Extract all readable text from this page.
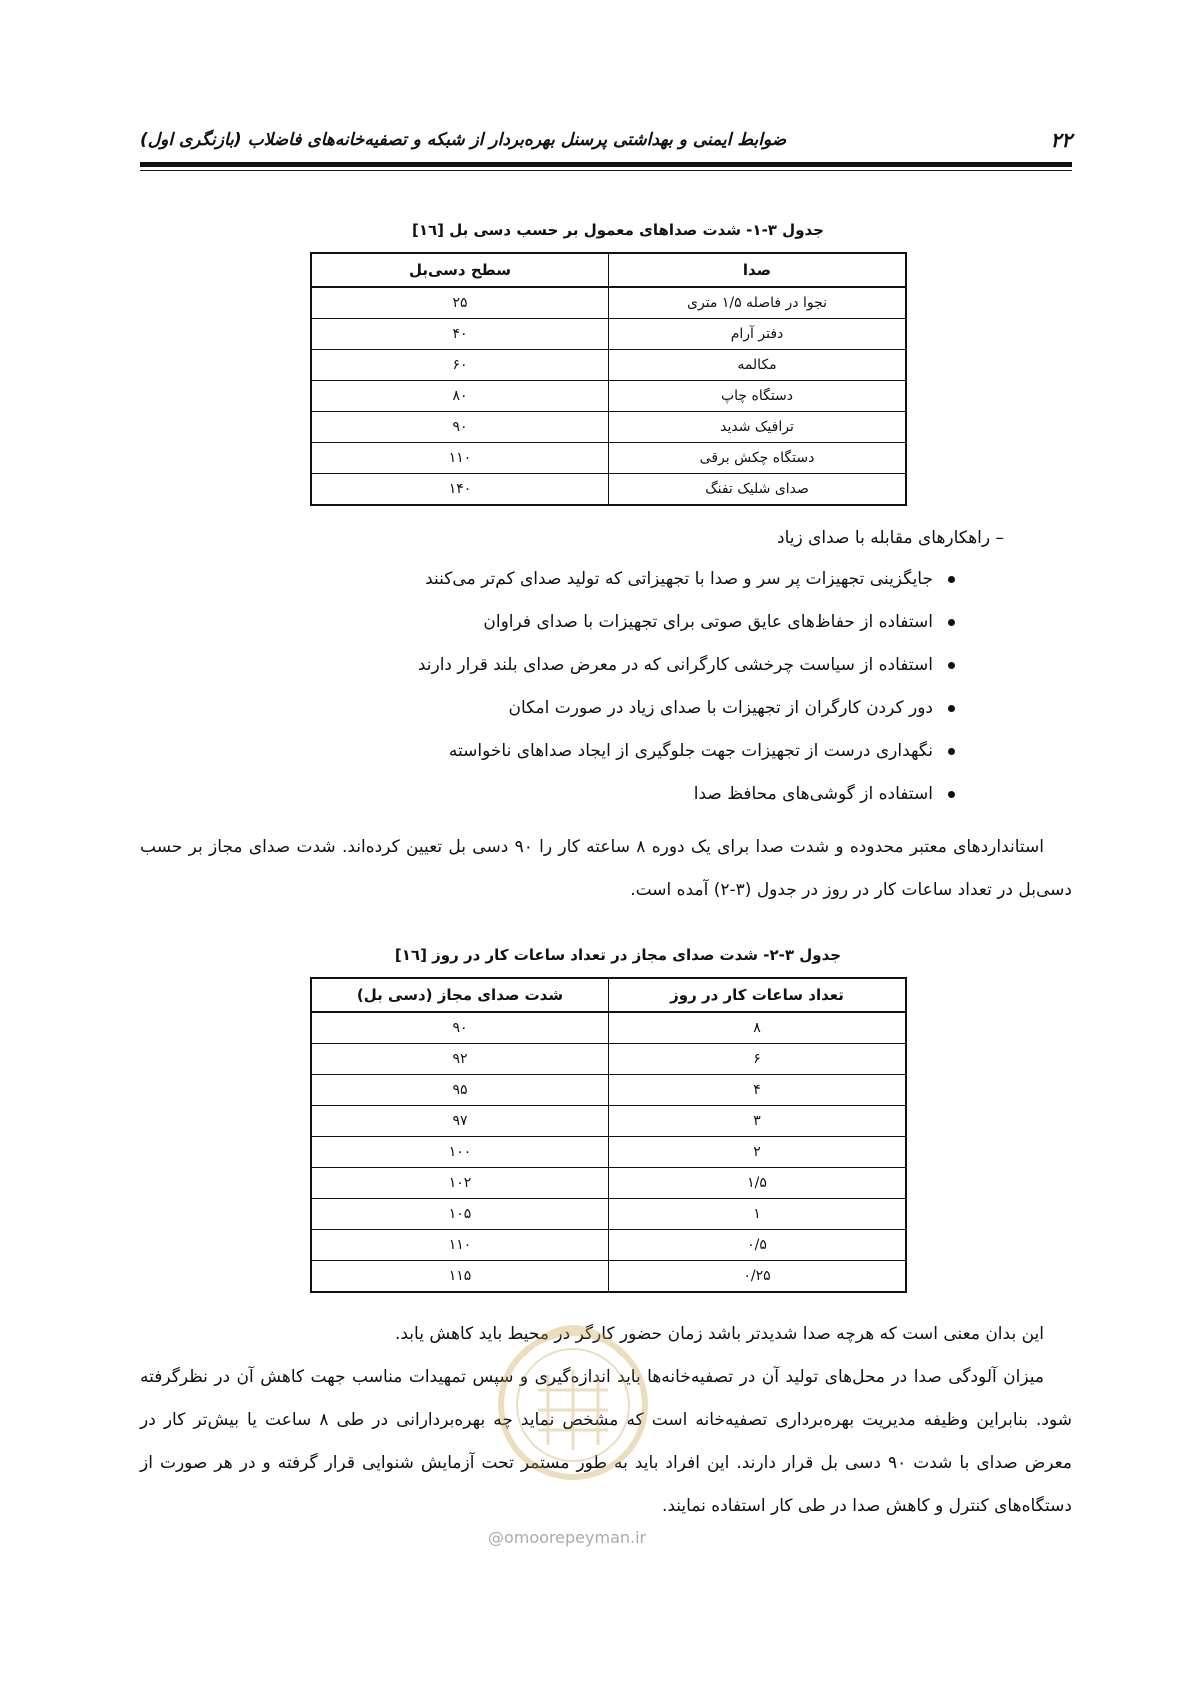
۲۲
ضوابط ایمنی و بهداشتی پرسنل بهره‌بردار از شبکه و تصفیه‌خانه‌های فاضلاب (بازنگری اول)
جدول ۳-۱- شدت صداهای معمول بر حسب دسی بل [۱٦]
صدا	سطح دسی‌بل
نجوا در فاصله ۱/۵ متری	۲۵
دفتر آرام	۴۰
مکالمه	۶۰
دستگاه چاپ	۸۰
ترافیک شدید	۹۰
دستگاه چکش برقی	۱۱۰
صدای شلیک تفنگ	۱۴۰
– راهکارهای مقابله با صدای زیاد
جایگزینی تجهیزات پر سر و صدا با تجهیزاتی که تولید صدای کم‌تر می‌کنند
استفاده از حفاظ‌های عایق صوتی برای تجهیزات با صدای فراوان
استفاده از سیاست چرخشی کارگرانی که در معرض صدای بلند قرار دارند
دور کردن کارگران از تجهیزات با صدای زیاد در صورت امکان
نگهداری درست از تجهیزات جهت جلوگیری از ایجاد صداهای ناخواسته
استفاده از گوشی‌های محافظ صدا

استانداردهای معتبر محدوده و شدت صدا برای یک دوره ۸ ساعته کار را ۹۰ دسی بل تعیین کرده‌اند. شدت صدای مجاز بر حسب دسی‌بل در تعداد ساعات کار در روز در جدول (۳-۲) آمده است.

جدول ۳-۲- شدت صدای مجاز در تعداد ساعات کار در روز [۱٦]
تعداد ساعات کار در روز	شدت صدای مجاز (دسی بل)
۸	۹۰
۶	۹۲
۴	۹۵
۳	۹۷
۲	۱۰۰
۱/۵	۱۰۲
۱	۱۰۵
۰/۵	۱۱۰
۰/۲۵	۱۱۵

این بدان معنی است که هرچه صدا شدیدتر باشد زمان حضور کارگر در محیط باید کاهش یابد.

میزان آلودگی صدا در محل‌های تولید آن در تصفیه‌خانه‌ها باید اندازه‌گیری و سپس تمهیدات مناسب جهت کاهش آن در نظرگرفته شود. بنابراین وظیفه مدیریت بهره‌برداری تصفیه‌خانه است که مشخص نماید چه بهره‌بردارانی در طی ۸ ساعت یا بیش‌تر کار در معرض صدای با شدت ۹۰ دسی بل قرار دارند. این افراد باید به طور مستمر تحت آزمایش شنوایی قرار گرفته و در هر صورت از دستگاه‌های کنترل و کاهش صدا در طی کار استفاده نمایند.

@omoorepeyman.ir
